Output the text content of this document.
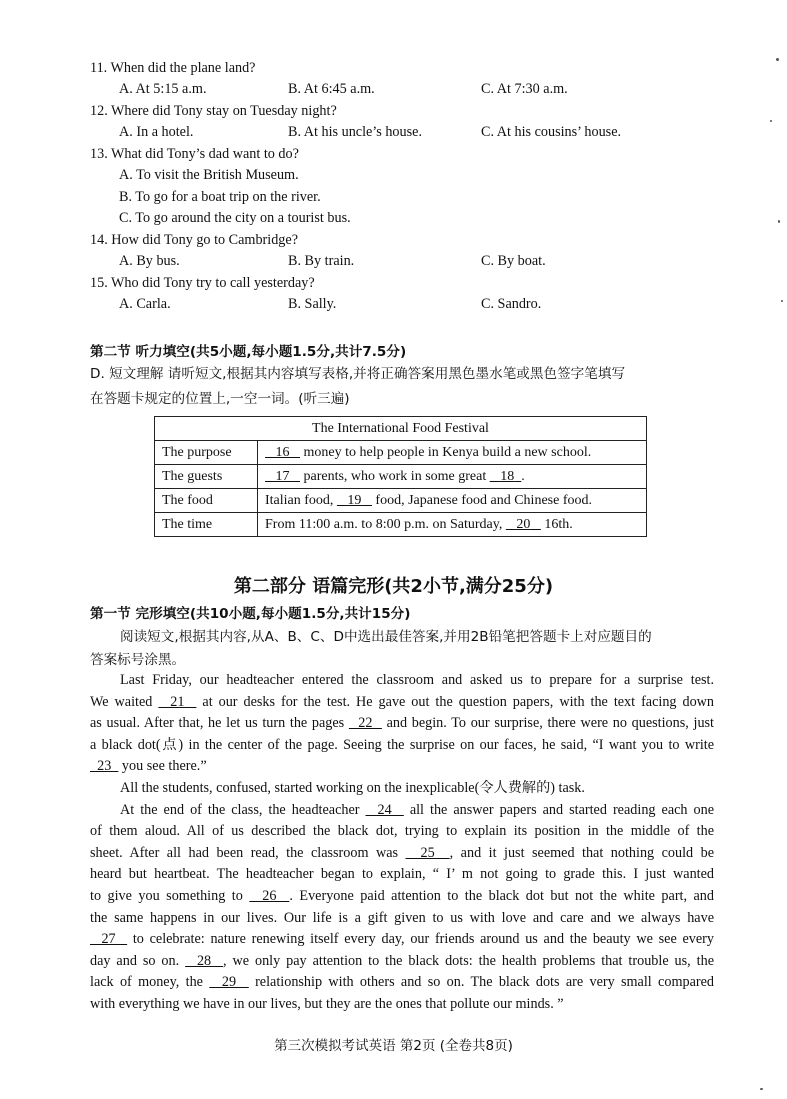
11. When did the plane land?
A. At 5:15 a.m.	B. At 6:45 a.m.	C. At 7:30 a.m.
12. Where did Tony stay on Tuesday night?
A. In a hotel.	B. At his uncle’s house.	C. At his cousins’ house.
13. What did Tony’s dad want to do?
A. To visit the British Museum.
B. To go for a boat trip on the river.
C. To go around the city on a tourist bus.
14. How did Tony go to Cambridge?
A. By bus.	B. By train.	C. By boat.
15. Who did Tony try to call yesterday?
A. Carla.	B. Sally.	C. Sandro.
第二节 听力填空(共5小题,每小题1.5分,共计7.5分)
D. 短文理解 请听短文,根据其内容填写表格,并将正确答案用黑色墨水笔或黑色签字笔填写
在答题卡规定的位置上,一空一词。(听三遍)
The International Food Festival	
The purpose	16    money to help people in Kenya build a new school.
The guests	17    parents, who work in some great    18 .
The food	Italian food,    19    food, Japanese food and Chinese food.
The time	From 11:00 a.m. to 8:00 p.m. on Saturday,    20    16th.
第二部分 语篇完形(共2小节,满分25分)
第一节 完形填空(共10小题,每小题1.5分,共计15分)
阅读短文,根据其内容,从A、B、C、D中选出最佳答案,并用2B铅笔把答题卡上对应题目的
答案标号涂黑。
Last Friday, our headteacher entered the classroom and asked us to prepare for a surprise test.
We waited   21   at our desks for the test. He gave out the question papers, with the text facing down
as usual. After that, he let us turn the pages   22   and begin. To our surprise, there were no questions, just
a black dot(点) in the center of the page. Seeing the surprise on our faces, he said, “I want you to write
23   you see there.”
All the students, confused, started working on the inexplicable(令人费解的) task.
At the end of the class, the headteacher   24   all the answer papers and started reading each one
of them aloud. All of us described the black dot, trying to explain its position in the middle of the
sheet. After all had been read, the classroom was   25  , and it just seemed that nothing could be
heard but heartbeat. The headteacher began to explain, “ I’ m not going to grade this. I just wanted
to give you something to   26  . Everyone paid attention to the black dot but not the white part, and
the same happens in our lives. Our life is a gift given to us with love and care and we always have
27   to celebrate: nature renewing itself every day, our friends around us and the beauty we see every
day and so on.   28  , we only pay attention to the black dots: the health problems that trouble us, the
lack of money, the   29   relationship with others and so on. The black dots are very small compared
with everything we have in our lives, but they are the ones that pollute our minds. ”
第三次模拟考试英语 第2页 (全卷共8页)
